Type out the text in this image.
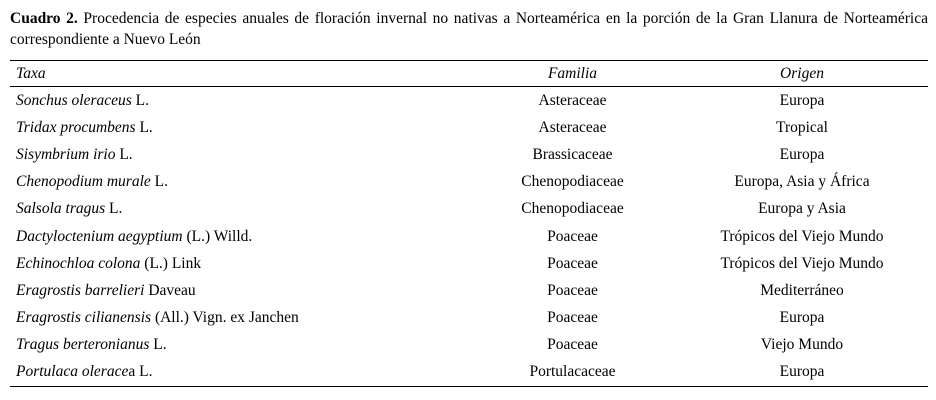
Cuadro 2. Procedencia de especies anuales de floración invernal no nativas a Norteamérica en la porción de la Gran Llanura de Norteamérica correspondiente a Nuevo León

Taxa	Familia	Origen
Sonchus oleraceus L.	Asteraceae	Europa
Tridax procumbens L.	Asteraceae	Tropical
Sisymbrium irio L.	Brassicaceae	Europa
Chenopodium murale L.	Chenopodiaceae	Europa, Asia y África
Salsola tragus L.	Chenopodiaceae	Europa y Asia
Dactyloctenium aegyptium (L.) Willd.	Poaceae	Trópicos del Viejo Mundo
Echinochloa colona (L.) Link	Poaceae	Trópicos del Viejo Mundo
Eragrostis barrelieri Daveau	Poaceae	Mediterráneo
Eragrostis cilianensis (All.) Vign. ex Janchen	Poaceae	Europa
Tragus berteronianus L.	Poaceae	Viejo Mundo
Portulaca oleracea L.	Portulacaceae	Europa
